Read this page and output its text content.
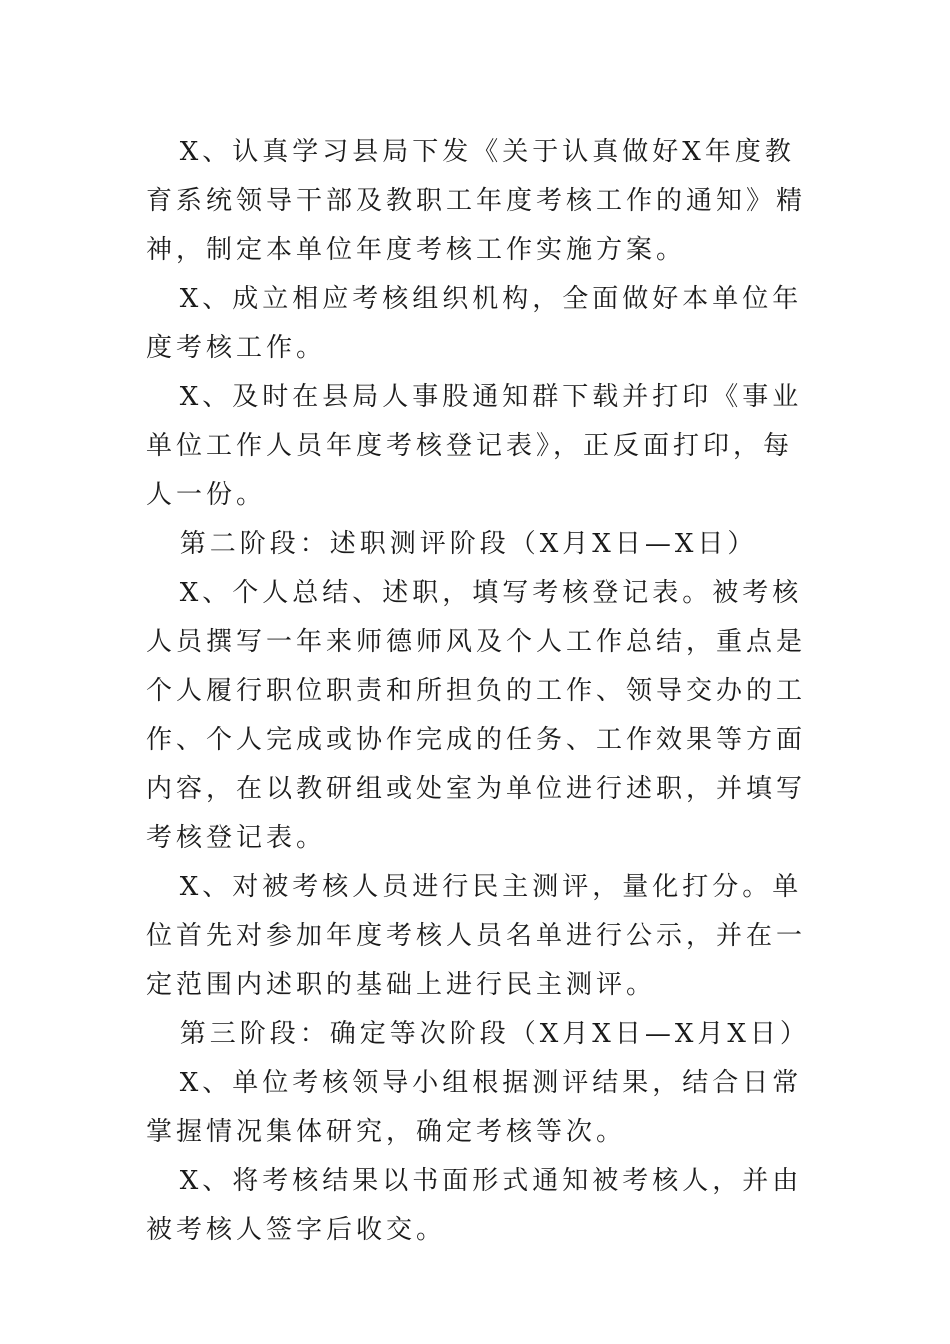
X、认真学习县局下发《关于认真做好X年度教育系统领导干部及教职工年度考核工作的通知》精神，制定本单位年度考核工作实施方案。

X、成立相应考核组织机构，全面做好本单位年度考核工作。

X、及时在县局人事股通知群下载并打印《事业单位工作人员年度考核登记表》，正反面打印，每人一份。

第二阶段：述职测评阶段（X月X日—X日）

X、个人总结、述职，填写考核登记表。被考核人员撰写一年来师德师风及个人工作总结，重点是个人履行职位职责和所担负的工作、领导交办的工作、个人完成或协作完成的任务、工作效果等方面内容，在以教研组或处室为单位进行述职，并填写考核登记表。

X、对被考核人员进行民主测评，量化打分。单位首先对参加年度考核人员名单进行公示，并在一定范围内述职的基础上进行民主测评。

第三阶段：确定等次阶段（X月X日—X月X日）

X、单位考核领导小组根据测评结果，结合日常掌握情况集体研究，确定考核等次。

X、将考核结果以书面形式通知被考核人，并由被考核人签字后收交。
